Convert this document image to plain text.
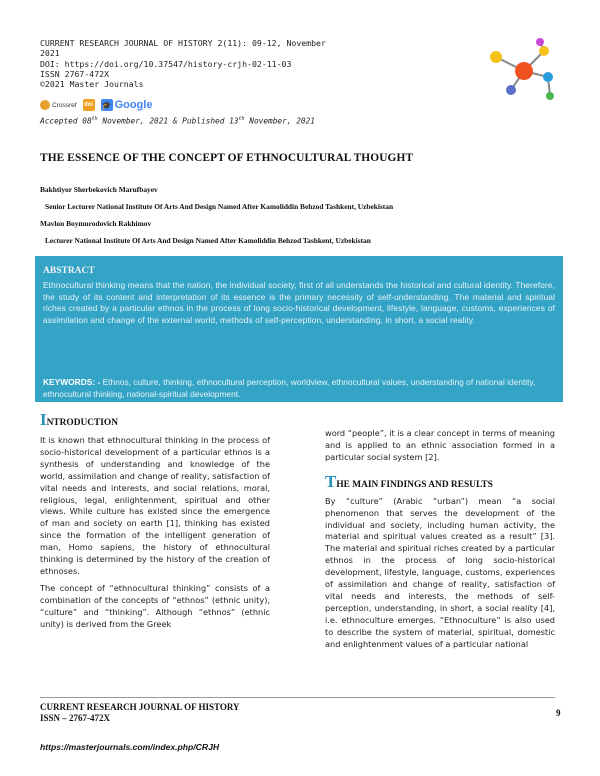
CURRENT RESEARCH JOURNAL OF HISTORY 2(11): 09-12, November
2021
DOI: https://doi.org/10.37547/history-crjh-02-11-03
ISSN 2767-472X
©2021 Master Journals
Crossref doi 🎓 Google
Accepted 08th November, 2021 & Published 13th November, 2021
THE ESSENCE OF THE CONCEPT OF ETHNOCULTURAL THOUGHT
Bakhtiyor Sherbekovich Marufbayev
Senior Lecturer National Institute Of Arts And Design Named After Kamoliddin Behzod Tashkent, Uzbekistan
Mavlon Boymurodovich Rakhimov
Lecturer National Institute Of Arts And Design Named After Kamoliddin Behzod Tashkent, Uzbekistan
ABSTRACT
Ethnocultural thinking means that the nation, the individual society, first of all understands the historical and cultural identity. Therefore, the study of its content and interpretation of its essence is the primary necessity of self-understanding. The material and spiritual riches created by a particular ethnos in the process of long socio-historical development, lifestyle, language, customs, experiences of assimilation and change of the external world, methods of self-perception, understanding, in short, a social reality.
KEYWORDS: - Ethnos, culture, thinking, ethnocultural perception, worldview, ethnocultural values, understanding of national identity, ethnocultural thinking, national-spiritual development.
I NTRODUCTION

It is known that ethnocultural thinking in the process of socio-historical development of a particular ethnos is a synthesis of understanding and knowledge of the world, assimilation and change of reality, satisfaction of vital needs and interests, and social relations, moral, religious, legal, enlightenment, spiritual and other views. While culture has existed since the emergence of man and society on earth [1], thinking has existed since the formation of the intelligent generation of man, Homo sapiens, the history of ethnocultural thinking is determined by the history of the creation of ethnoses.

The concept of “ethnocultural thinking” consists of a combination of the concepts of “ethnos” (ethnic unity), “culture” and “thinking”. Although “ethnos” (ethnic unity) is derived from the Greek

word “people”, it is a clear concept in terms of meaning and is applied to an ethnic association formed in a particular social system [2].

T HE MAIN FINDINGS AND RESULTS

By “culture” (Arabic “urban”) mean “a social phenomenon that serves the development of the individual and society, including human activity, the material and spiritual values created as a result” [3]. The material and spiritual riches created by a particular ethnos in the process of long socio-historical development, lifestyle, language, customs, experiences of assimilation and change of reality, satisfaction of vital needs and interests, the methods of self-perception, understanding, in short, a social reality [4], i.e. ethnoculture emerges. “Ethnoculture” is also used to describe the system of material, spiritual, domestic and enlightenment values of a particular national

CURRENT RESEARCH JOURNAL OF HISTORY
ISSN – 2767-472X	9
https://masterjournals.com/index.php/CRJH
